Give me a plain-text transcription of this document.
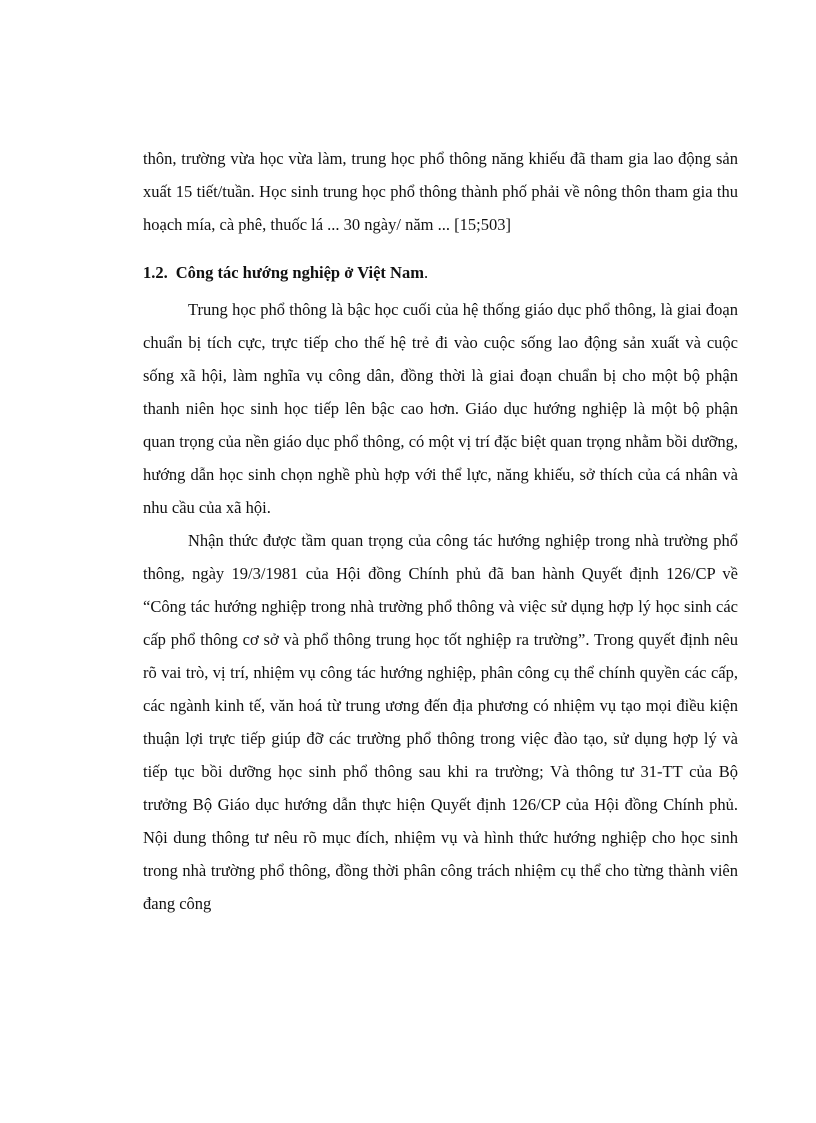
thôn, trường vừa học vừa làm, trung học phổ thông năng khiếu đã tham gia lao động sản xuất 15 tiết/tuần. Học sinh trung học phổ thông thành phố phải về nông thôn tham gia thu hoạch mía, cà phê, thuốc lá ... 30 ngày/ năm ... [15;503]

1.2. Công tác hướng nghiệp ở Việt Nam.

Trung học phổ thông là bậc học cuối của hệ thống giáo dục phổ thông, là giai đoạn chuẩn bị tích cực, trực tiếp cho thế hệ trẻ đi vào cuộc sống lao động sản xuất và cuộc sống xã hội, làm nghĩa vụ công dân, đồng thời là giai đoạn chuẩn bị cho một bộ phận thanh niên học sinh học tiếp lên bậc cao hơn. Giáo dục hướng nghiệp là một bộ phận quan trọng của nền giáo dục phổ thông, có một vị trí đặc biệt quan trọng nhằm bồi dưỡng, hướng dẫn học sinh chọn nghề phù hợp với thể lực, năng khiếu, sở thích của cá nhân và nhu cầu của xã hội.

Nhận thức được tầm quan trọng của công tác hướng nghiệp trong nhà trường phổ thông, ngày 19/3/1981 của Hội đồng Chính phủ đã ban hành Quyết định 126/CP về “Công tác hướng nghiệp trong nhà trường phổ thông và việc sử dụng hợp lý học sinh các cấp phổ thông cơ sở và phổ thông trung học tốt nghiệp ra trường”. Trong quyết định nêu rõ vai trò, vị trí, nhiệm vụ công tác hướng nghiệp, phân công cụ thể chính quyền các cấp, các ngành kinh tế, văn hoá từ trung ương đến địa phương có nhiệm vụ tạo mọi điều kiện thuận lợi trực tiếp giúp đỡ các trường phổ thông trong việc đào tạo, sử dụng hợp lý và tiếp tục bồi dưỡng học sinh phổ thông sau khi ra trường; Và thông tư 31-TT của Bộ trưởng Bộ Giáo dục hướng dẫn thực hiện Quyết định 126/CP của Hội đồng Chính phủ. Nội dung thông tư nêu rõ mục đích, nhiệm vụ và hình thức hướng nghiệp cho học sinh trong nhà trường phổ thông, đồng thời phân công trách nhiệm cụ thể cho từng thành viên đang công
